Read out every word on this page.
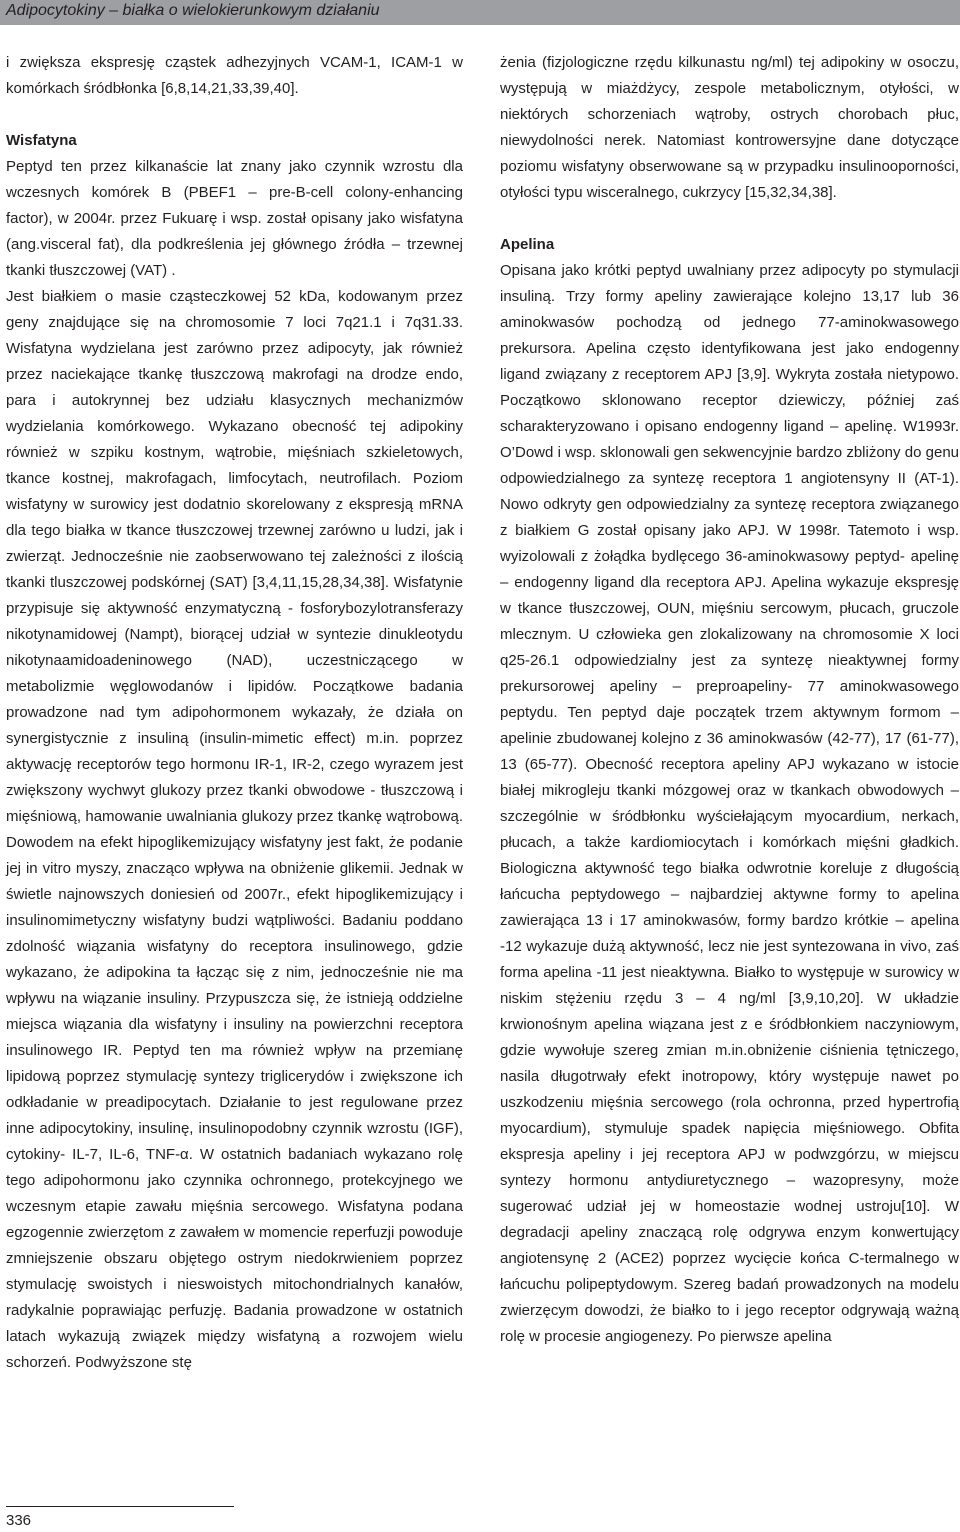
Adipocytokiny – białka o wielokierunkowym działaniu

i zwiększa ekspresję cząstek adhezyjnych VCAM-1, ICAM-1 w komórkach śródbłonka [6,8,14,21,33,39,40].

Wisfatyna

Peptyd ten przez kilkanaście lat znany jako czynnik wzrostu dla wczesnych komórek B (PBEF1 – pre-B-cell colony-enhancing factor), w 2004r. przez Fukuarę i wsp. został opisany jako wisfatyna (ang.visceral fat), dla podkreślenia jej głównego źródła – trzewnej tkanki tłuszczowej (VAT) .

Jest białkiem o masie cząsteczkowej 52 kDa, kodowanym przez geny znajdujące się na chromosomie 7 loci 7q21.1 i 7q31.33. Wisfatyna wydzielana jest zarówno przez adipocyty, jak również przez naciekające tkankę tłuszczową makrofagi na drodze endo, para i autokrynnej bez udziału klasycznych mechanizmów wydzielania komórkowego. Wykazano obecność tej adipokiny również w szpiku kostnym, wątrobie, mięśniach szkieletowych, tkance kostnej, makrofagach, limfocytach, neutrofilach. Poziom wisfatyny w surowicy jest dodatnio skorelowany z ekspresją mRNA dla tego białka w tkance tłuszczowej trzewnej zarówno u ludzi, jak i zwierząt. Jednocześnie nie zaobserwowano tej zależności z ilością tkanki tluszczowej podskórnej (SAT) [3,4,11,15,28,34,38]. Wisfatynie przypisuje się aktywność enzymatyczną - fosforybozylotransferazy nikotynamidowej (Nampt), biorącej udział w syntezie dinukleotydu nikotynaamidoadeninowego (NAD), uczestniczącego w metabolizmie węglowodanów i lipidów. Początkowe badania prowadzone nad tym adipohormonem wykazały, że działa on synergistycznie z insuliną (insulin-mimetic effect) m.in. poprzez aktywację receptorów tego hormonu IR-1, IR-2, czego wyrazem jest zwiększony wychwyt glukozy przez tkanki obwodowe - tłuszczową i mięśniową, hamowanie uwalniania glukozy przez tkankę wątrobową. Dowodem na efekt hipoglikemizujący wisfatyny jest fakt, że podanie jej in vitro myszy, znacząco wpływa na obniżenie glikemii. Jednak w świetle najnowszych doniesień od 2007r., efekt hipoglikemizujący i insulinomimetyczny wisfatyny budzi wątpliwości. Badaniu poddano zdolność wiązania wisfatyny do receptora insulinowego, gdzie wykazano, że adipokina ta łącząc się z nim, jednocześnie nie ma wpływu na wiązanie insuliny. Przypuszcza się, że istnieją oddzielne miejsca wiązania dla wisfatyny i insuliny na powierzchni receptora insulinowego IR. Peptyd ten ma również wpływ na przemianę lipidową poprzez stymulację syntezy triglicerydów i zwiększone ich odkładanie w preadipocytach. Działanie to jest regulowane przez inne adipocytokiny, insulinę, insulinopodobny czynnik wzrostu (IGF), cytokiny- IL-7, IL-6, TNF-α. W ostatnich badaniach wykazano rolę tego adipohormonu jako czynnika ochronnego, protekcyjnego we wczesnym etapie zawału mięśnia sercowego. Wisfatyna podana egzogennie zwierzętom z zawałem w momencie reperfuzji powoduje zmniejszenie obszaru objętego ostrym niedokrwieniem poprzez stymulację swoistych i nieswoistych mitochondrialnych kanałów, radykalnie poprawiając perfuzję. Badania prowadzone w ostatnich latach wykazują związek między wisfatyną a rozwojem wielu schorzeń. Podwyższone stę

żenia (fizjologiczne rzędu kilkunastu ng/ml) tej adipokiny w osoczu, występują w miażdżycy, zespole metabolicznym, otyłości, w niektórych schorzeniach wątroby, ostrych chorobach płuc, niewydolności nerek. Natomiast kontrowersyjne dane dotyczące poziomu wisfatyny obserwowane są w przypadku insulinooporności, otyłości typu wisceralnego, cukrzycy [15,32,34,38].

Apelina

Opisana jako krótki peptyd uwalniany przez adipocyty po stymulacji insuliną. Trzy formy apeliny zawierające kolejno 13,17 lub 36 aminokwasów pochodzą od jednego 77-aminokwasowego prekursora. Apelina często identyfikowana jest jako endogenny ligand związany z receptorem APJ [3,9]. Wykryta została nietypowo. Początkowo sklonowano receptor dziewiczy, później zaś scharakteryzowano i opisano endogenny ligand – apelinę. W1993r. O’Dowd i wsp. sklonowali gen sekwencyjnie bardzo zbliżony do genu odpowiedzialnego za syntezę receptora 1 angiotensyny II (AT-1). Nowo odkryty gen odpowiedzialny za syntezę receptora związanego z białkiem G został opisany jako APJ. W 1998r. Tatemoto i wsp. wyizolowali z żołądka bydlęcego 36-aminokwasowy peptyd- apelinę – endogenny ligand dla receptora APJ. Apelina wykazuje ekspresję w tkance tłuszczowej, OUN, mięśniu sercowym, płucach, gruczole mlecznym. U człowieka gen zlokalizowany na chromosomie X loci q25-26.1 odpowiedzialny jest za syntezę nieaktywnej formy prekursorowej apeliny – preproapeliny- 77 aminokwasowego peptydu. Ten peptyd daje początek trzem aktywnym formom – apelinie zbudowanej kolejno z 36 aminokwasów (42-77), 17 (61-77), 13 (65-77). Obecność receptora apeliny APJ wykazano w istocie białej mikrogleju tkanki mózgowej oraz w tkankach obwodowych – szczególnie w śródbłonku wyściełającym myocardium, nerkach, płucach, a także kardiomiocytach i komórkach mięśni gładkich. Biologiczna aktywność tego białka odwrotnie koreluje z długością łańcucha peptydowego – najbardziej aktywne formy to apelina zawierająca 13 i 17 aminokwasów, formy bardzo krótkie – apelina -12 wykazuje dużą aktywność, lecz nie jest syntezowana in vivo, zaś forma apelina -11 jest nieaktywna. Białko to występuje w surowicy w niskim stężeniu rzędu 3 – 4 ng/ml [3,9,10,20]. W układzie krwionośnym apelina wiązana jest z e śródbłonkiem naczyniowym, gdzie wywołuje szereg zmian m.in.obniżenie ciśnienia tętniczego, nasila długotrwały efekt inotropowy, który występuje nawet po uszkodzeniu mięśnia sercowego (rola ochronna, przed hypertrofią myocardium), stymuluje spadek napięcia mięśniowego. Obfita ekspresja apeliny i jej receptora APJ w podwzgórzu, w miejscu syntezy hormonu antydiuretycznego – wazopresyny, może sugerować udział jej w homeostazie wodnej ustroju[10]. W degradacji apeliny znaczącą rolę odgrywa enzym konwertujący angiotensynę 2 (ACE2) poprzez wycięcie końca C-termalnego w łańcuchu polipeptydowym. Szereg badań prowadzonych na modelu zwierzęcym dowodzi, że białko to i jego receptor odgrywają ważną rolę w procesie angiogenezy. Po pierwsze apelina

336
